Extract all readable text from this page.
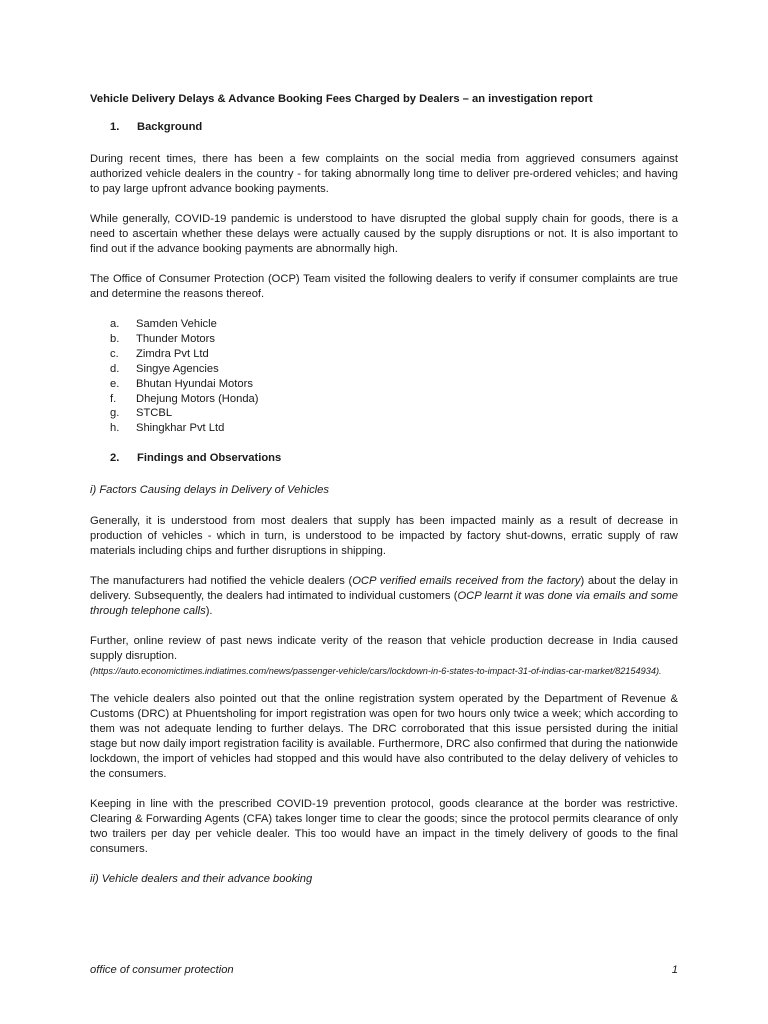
Vehicle Delivery Delays & Advance Booking Fees Charged by Dealers – an investigation report
1.	Background

During recent times, there has been a few complaints on the social media from aggrieved consumers against authorized vehicle dealers in the country - for taking abnormally long time to deliver pre-ordered vehicles; and having to pay large upfront advance booking payments.

While generally, COVID-19 pandemic is understood to have disrupted the global supply chain for goods, there is a need to ascertain whether these delays were actually caused by the supply disruptions or not. It is also important to find out if the advance booking payments are abnormally high.

The Office of Consumer Protection (OCP) Team visited the following dealers to verify if consumer complaints are true and determine the reasons thereof.

a.	Samden Vehicle
b.	Thunder Motors
c.	Zimdra Pvt Ltd
d.	Singye Agencies
e.	Bhutan Hyundai Motors
f.	Dhejung Motors (Honda)
g.	STCBL
h.	Shingkhar Pvt Ltd
2.	Findings and Observations
i) Factors Causing delays in Delivery of Vehicles

Generally, it is understood from most dealers that supply has been impacted mainly as a result of decrease in production of vehicles - which in turn, is understood to be impacted by factory shut-downs, erratic supply of raw materials including chips and further disruptions in shipping.

The manufacturers had notified the vehicle dealers (OCP verified emails received from the factory) about the delay in delivery. Subsequently, the dealers had intimated to individual customers (OCP learnt it was done via emails and some through telephone calls).

Further, online review of past news indicate verity of the reason that vehicle production decrease in India caused supply disruption.
(https://auto.economictimes.indiatimes.com/news/passenger-vehicle/cars/lockdown-in-6-states-to-impact-31-of-indias-car-market/82154934).

The vehicle dealers also pointed out that the online registration system operated by the Department of Revenue & Customs (DRC) at Phuentsholing for import registration was open for two hours only twice a week; which according to them was not adequate lending to further delays. The DRC corroborated that this issue persisted during the initial stage but now daily import registration facility is available. Furthermore, DRC also confirmed that during the nationwide lockdown, the import of vehicles had stopped and this would have also contributed to the delay delivery of vehicles to the consumers.

Keeping in line with the prescribed COVID-19 prevention protocol, goods clearance at the border was restrictive. Clearing & Forwarding Agents (CFA) takes longer time to clear the goods; since the protocol permits clearance of only two trailers per day per vehicle dealer. This too would have an impact in the timely delivery of goods to the final consumers.

ii) Vehicle dealers and their advance booking
office of consumer protection	1
